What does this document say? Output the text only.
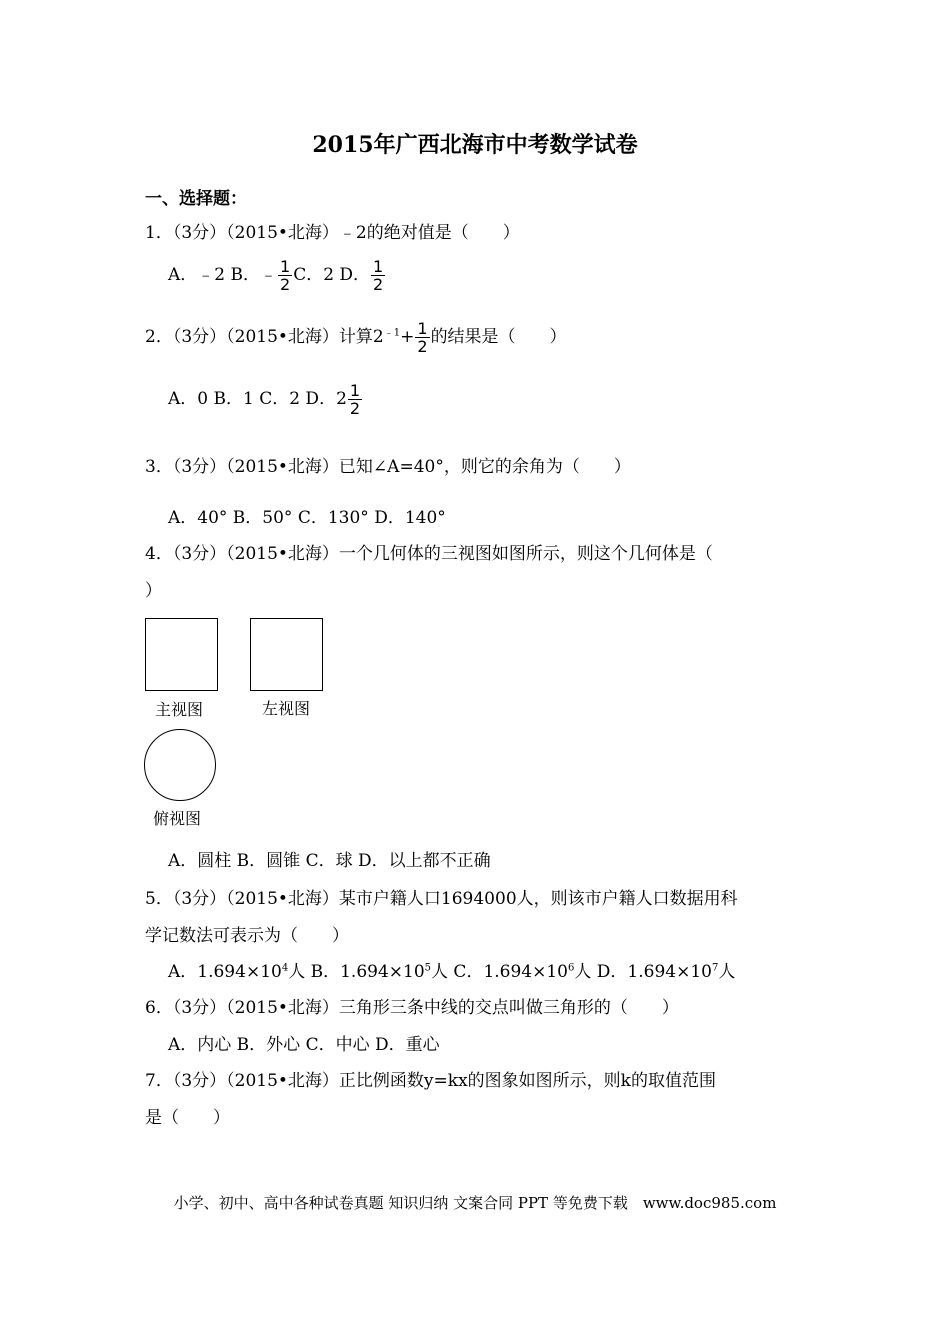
2015年广西北海市中考数学试卷
一、选择题：
1．（3分）（2015•北海）﹣2的绝对值是（　　）
A．﹣2 B．﹣ $\frac{1}{2}$ C．2 D． $\frac{1}{2}$
2．（3分）（2015•北海）计算$2^{﹣1}+ \frac{1}{2}$ 的结果是（　　）
A．0 B．1 C．2 D．$2 \frac{1}{2}$
3．（3分）（2015•北海）已知∠A=40°，则它的余角为（　　）
A．40° B．50° C．130° D．140°
4．（3分）（2015•北海）一个几何体的三视图如图所示，则这个几何体是（
）
主视图	左视图
俯视图
A．圆柱 B．圆锥 C．球 D．以上都不正确
5．（3分）（2015•北海）某市户籍人口1694000人，则该市户籍人口数据用科
学记数法可表示为（　　）
A．$1.694\times 10^4$人 B．$1.694\times 10^5$人 C．$1.694\times 10^6$人 D．$1.694\times 10^7$人
6．（3分）（2015•北海）三角形三条中线的交点叫做三角形的（　　）
A．内心 B．外心 C．中心 D．重心
7．（3分）（2015•北海）正比例函数y=kx的图象如图所示，则k的取值范围
是（　　）
小学、初中、高中各种试卷真题 知识归纳 文案合同 PPT 等免费下载　www.doc985.com
